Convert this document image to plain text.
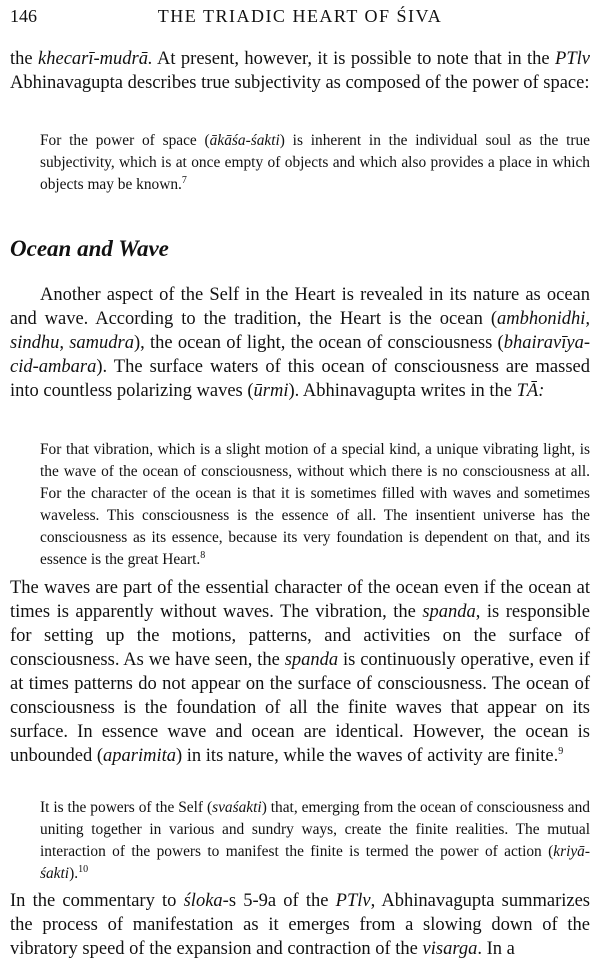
146	THE TRIADIC HEART OF ŚIVA

the khecarī-mudrā. At present, however, it is possible to note that in the PTlv Abhinavagupta describes true subjectivity as composed of the power of space:

For the power of space (ākāśa-śakti) is inherent in the individual soul as the true subjectivity, which is at once empty of objects and which also provides a place in which objects may be known.$^7$

Ocean and Wave

Another aspect of the Self in the Heart is revealed in its nature as ocean and wave. According to the tradition, the Heart is the ocean (ambhonidhi, sindhu, samudra), the ocean of light, the ocean of consciousness (bhairavīya-cid-ambara). The surface waters of this ocean of consciousness are massed into countless polarizing waves (ūrmi). Abhinavagupta writes in the TĀ:

For that vibration, which is a slight motion of a special kind, a unique vibrating light, is the wave of the ocean of consciousness, without which there is no consciousness at all. For the character of the ocean is that it is sometimes filled with waves and sometimes waveless. This consciousness is the essence of all. The insentient universe has the consciousness as its essence, because its very foundation is dependent on that, and its essence is the great Heart.$^8$

The waves are part of the essential character of the ocean even if the ocean at times is apparently without waves. The vibration, the spanda, is responsible for setting up the motions, patterns, and activities on the surface of consciousness. As we have seen, the spanda is continuously operative, even if at times patterns do not appear on the surface of consciousness. The ocean of consciousness is the foundation of all the finite waves that appear on its surface. In essence wave and ocean are identical. However, the ocean is unbounded (aparimita) in its nature, while the waves of activity are finite.$^9$

It is the powers of the Self (svaśakti) that, emerging from the ocean of consciousness and uniting together in various and sundry ways, create the finite realities. The mutual interaction of the powers to manifest the finite is termed the power of action (kriyā-śakti).$^{10}$

In the commentary to śloka-s 5-9a of the PTlv, Abhinavagupta summarizes the process of manifestation as it emerges from a slowing down of the vibratory speed of the expansion and contraction of the visarga. In a
